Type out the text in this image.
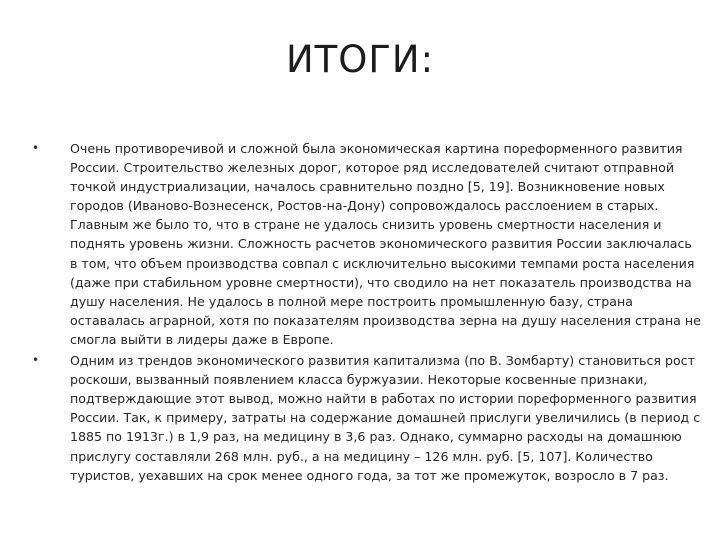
ИТОГИ:
• Очень противоречивой и сложной была экономическая картина пореформенного развития России. Строительство железных дорог, которое ряд исследователей считают отправной точкой индустриализации, началось сравнительно поздно [5, 19]. Возникновение новых городов (Иваново-Вознесенск, Ростов-на-Дону) сопровождалось расслоением в старых. Главным же было то, что в стране не удалось снизить уровень смертности населения и поднять уровень жизни. Сложность расчетов экономического развития России заключалась в том, что объем производства совпал с исключительно высокими темпами роста населения (даже при стабильном уровне смертности), что сводило на нет показатель производства на душу населения. Не удалось в полной мере построить промышленную базу, страна оставалась аграрной, хотя по показателям производства зерна на душу населения страна не смогла выйти в лидеры даже в Европе.
• Одним из трендов экономического развития капитализма (по В. Зомбарту) становиться рост роскоши, вызванный появлением класса буржуазии. Некоторые косвенные признаки, подтверждающие этот вывод, можно найти в работах по истории пореформенного развития России. Так, к примеру, затраты на содержание домашней прислуги увеличились (в период с 1885 по 1913г.) в 1,9 раз, на медицину в 3,6 раз. Однако, суммарно расходы на домашнюю прислугу составляли 268 млн. руб., а на медицину – 126 млн. руб. [5, 107]. Количество туристов, уехавших на срок менее одного года, за тот же промежуток, возросло в 7 раз.
